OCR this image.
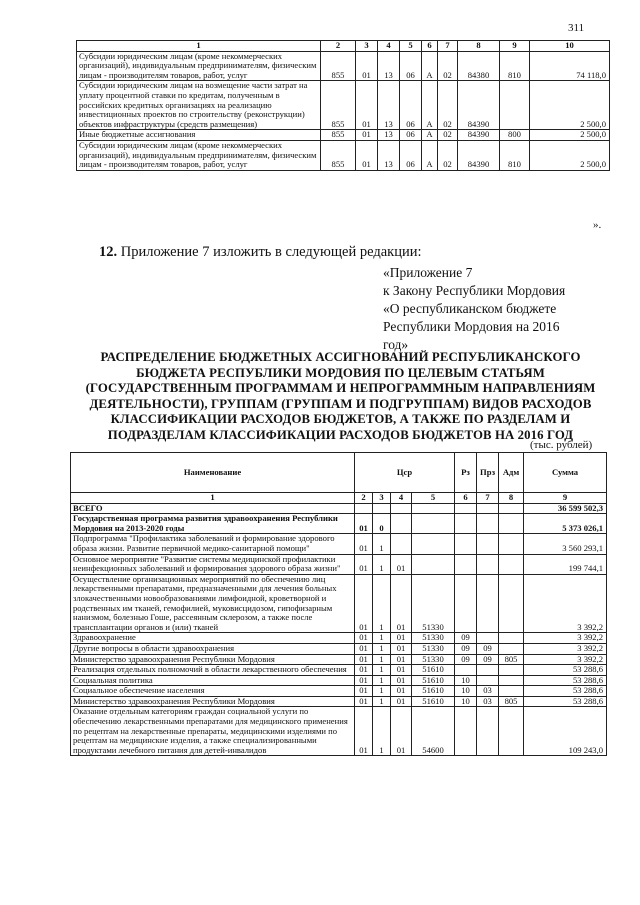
311
1	2	3	4	5	6	7	8	9	10
Субсидии юридическим лицам (кроме некоммерческих организаций), индивидуальным предпринимателям, физическим лицам - производителям товаров, работ, услуг	855	01	13	06	А	02	84380	810	74 118,0
Субсидии юридическим лицам на возмещение части затрат на уплату процентной ставки по кредитам, полученным в российских кредитных организациях на реализацию инвестиционных проектов по строительству (реконструкции) объектов инфраструктуры (средств размещения)	855	01	13	06	А	02	84390		2 500,0
Иные бюджетные ассигнования	855	01	13	06	А	02	84390	800	2 500,0
Субсидии юридическим лицам (кроме некоммерческих организаций), индивидуальным предпринимателям, физическим лицам - производителям товаров, работ, услуг	855	01	13	06	А	02	84390	810	2 500,0
».
12. Приложение 7 изложить в следующей редакции:
«Приложение 7
к Закону Республики Мордовия
«О республиканском бюджете
Республики Мордовия на 2016
год»
РАСПРЕДЕЛЕНИЕ БЮДЖЕТНЫХ АССИГНОВАНИЙ РЕСПУБЛИКАНСКОГО БЮДЖЕТА РЕСПУБЛИКИ МОРДОВИЯ ПО ЦЕЛЕВЫМ СТАТЬЯМ (ГОСУДАРСТВЕННЫМ ПРОГРАММАМ И НЕПРОГРАММНЫМ НАПРАВЛЕНИЯМ ДЕЯТЕЛЬНОСТИ), ГРУППАМ (ГРУППАМ И ПОДГРУППАМ) ВИДОВ РАСХОДОВ КЛАССИФИКАЦИИ РАСХОДОВ БЮДЖЕТОВ, А ТАКЖЕ ПО РАЗДЕЛАМ И ПОДРАЗДЕЛАМ КЛАССИФИКАЦИИ РАСХОДОВ БЮДЖЕТОВ НА 2016 ГОД
(тыс. рублей)
Наименование	Цср				Рз	Прз	Адм	Сумма
1	2	3	4	5	6	7	8	9
ВСЕГО								36 599 502,3
Государственная программа развития здравоохранения Республики Мордовия на 2013-2020 годы	01	0						5 373 026,1
Подпрограмма "Профилактика заболеваний и формирование здорового образа жизни. Развитие первичной медико-санитарной помощи"	01	1						3 560 293,1
Основное мероприятие "Развитие системы медицинской профилактики неинфекционных заболеваний и формирования здорового образа жизни"	01	1	01					199 744,1
Осуществление организационных мероприятий по обеспечению лиц лекарственными препаратами, предназначенными для лечения больных злокачественными новообразованиями лимфоидной, кроветворной и родственных им тканей, гемофилией, муковисцидозом, гипофизарным нанизмом, болезнью Гоше, рассеянным склерозом, а также после трансплантации органов и (или) тканей	01	1	01	51330				3 392,2
Здравоохранение	01	1	01	51330	09			3 392,2
Другие вопросы в области здравоохранения	01	1	01	51330	09	09		3 392,2
Министерство здравоохранения Республики Мордовия	01	1	01	51330	09	09	805	3 392,2
Реализация отдельных полномочий в области лекарственного обеспечения	01	1	01	51610				53 288,6
Социальная политика	01	1	01	51610	10			53 288,6
Социальное обеспечение населения	01	1	01	51610	10	03		53 288,6
Министерство здравоохранения Республики Мордовия	01	1	01	51610	10	03	805	53 288,6
Оказание отдельным категориям граждан социальной услуги по обеспечению лекарственными препаратами для медицинского применения по рецептам на лекарственные препараты, медицинскими изделиями по рецептам на медицинские изделия, а также специализированными продуктами лечебного питания для детей-инвалидов	01	1	01	54600				109 243,0
